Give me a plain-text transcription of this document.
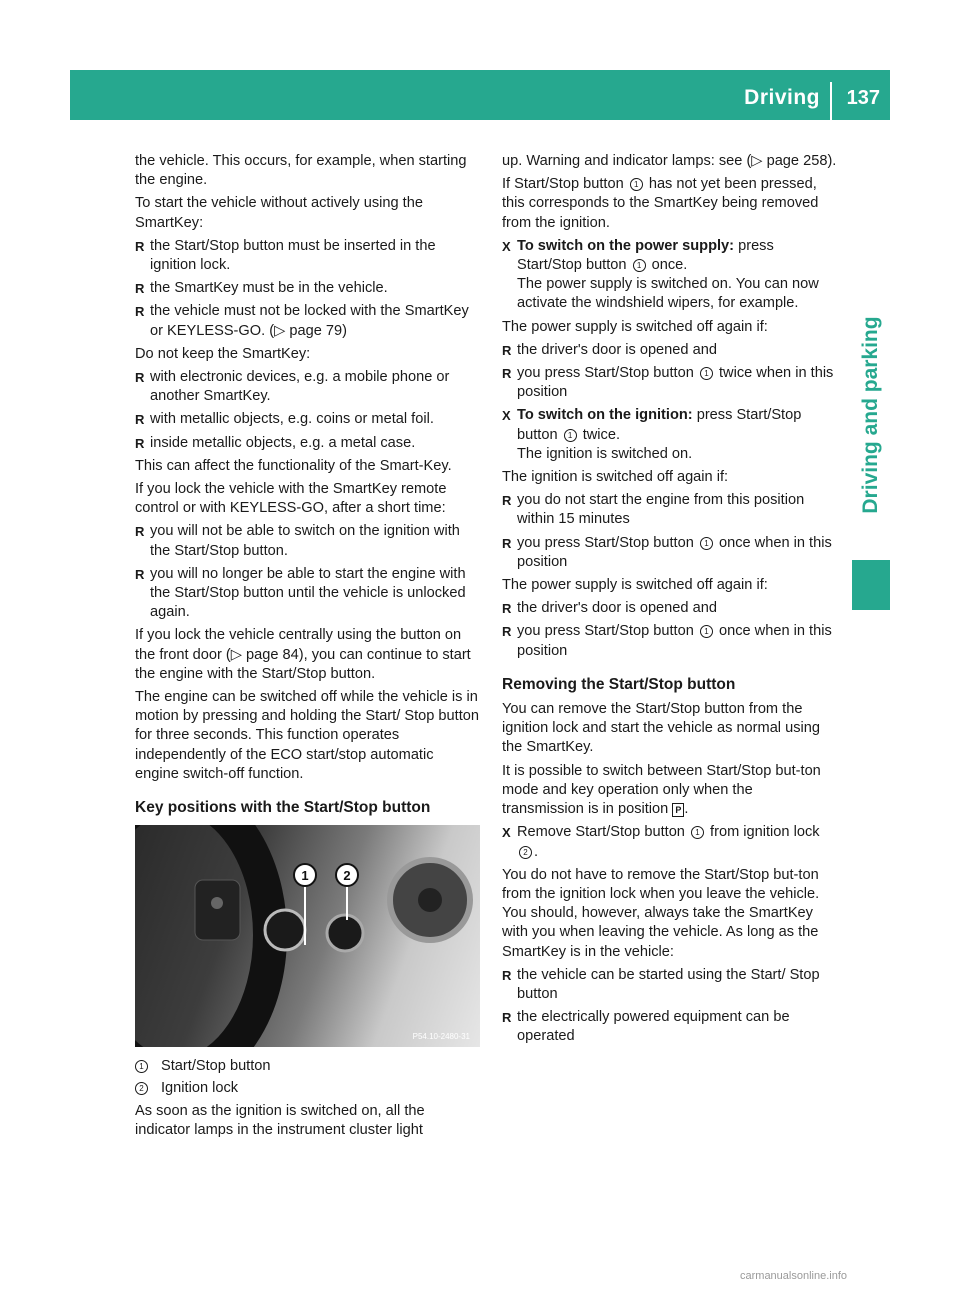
Driving 137
Driving and parking

the vehicle. This occurs, for example, when starting the engine.

To start the vehicle without actively using the SmartKey:

R the Start/Stop button must be inserted in the ignition lock.
R the SmartKey must be in the vehicle.
R the vehicle must not be locked with the SmartKey or KEYLESS-GO. (▷ page 79)

Do not keep the SmartKey:

R with electronic devices, e.g. a mobile phone or another SmartKey.
R with metallic objects, e.g. coins or metal foil.
R inside metallic objects, e.g. a metal case.

This can affect the functionality of the Smart-Key.

If you lock the vehicle with the SmartKey remote control or with KEYLESS-GO, after a short time:

R you will not be able to switch on the ignition with the Start/Stop button.
R you will no longer be able to start the engine with the Start/Stop button until the vehicle is unlocked again.

If you lock the vehicle centrally using the button on the front door (▷ page 84), you can continue to start the engine with the Start/Stop button.

The engine can be switched off while the vehicle is in motion by pressing and holding the Start/ Stop button for three seconds. This function operates independently of the ECO start/stop automatic engine switch-off function.

Key positions with the Start/Stop button

1	2
P54.10-2480-31
1 Start/Stop button
2 Ignition lock

As soon as the ignition is switched on, all the indicator lamps in the instrument cluster light

up. Warning and indicator lamps: see (▷ page 258).

If Start/Stop button 1 has not yet been pressed, this corresponds to the SmartKey being removed from the ignition.

X To switch on the power supply: press Start/Stop button 1 once.
The power supply is switched on. You can now activate the windshield wipers, for example.

The power supply is switched off again if:

R the driver's door is opened and
R you press Start/Stop button 1 twice when in this position
X To switch on the ignition: press Start/Stop button 1 twice.
The ignition is switched on.

The ignition is switched off again if:

R you do not start the engine from this position within 15 minutes
R you press Start/Stop button 1 once when in this position

The power supply is switched off again if:

R the driver's door is opened and
R you press Start/Stop button 1 once when in this position

Removing the Start/Stop button

You can remove the Start/Stop button from the ignition lock and start the vehicle as normal using the SmartKey.

It is possible to switch between Start/Stop but-ton mode and key operation only when the transmission is in position P .

X Remove Start/Stop button 1 from ignition lock 2 .

You do not have to remove the Start/Stop but-ton from the ignition lock when you leave the vehicle. You should, however, always take the SmartKey with you when leaving the vehicle. As long as the SmartKey is in the vehicle:

R the vehicle can be started using the Start/ Stop button
R the electrically powered equipment can be operated
carmanualsonline.info
